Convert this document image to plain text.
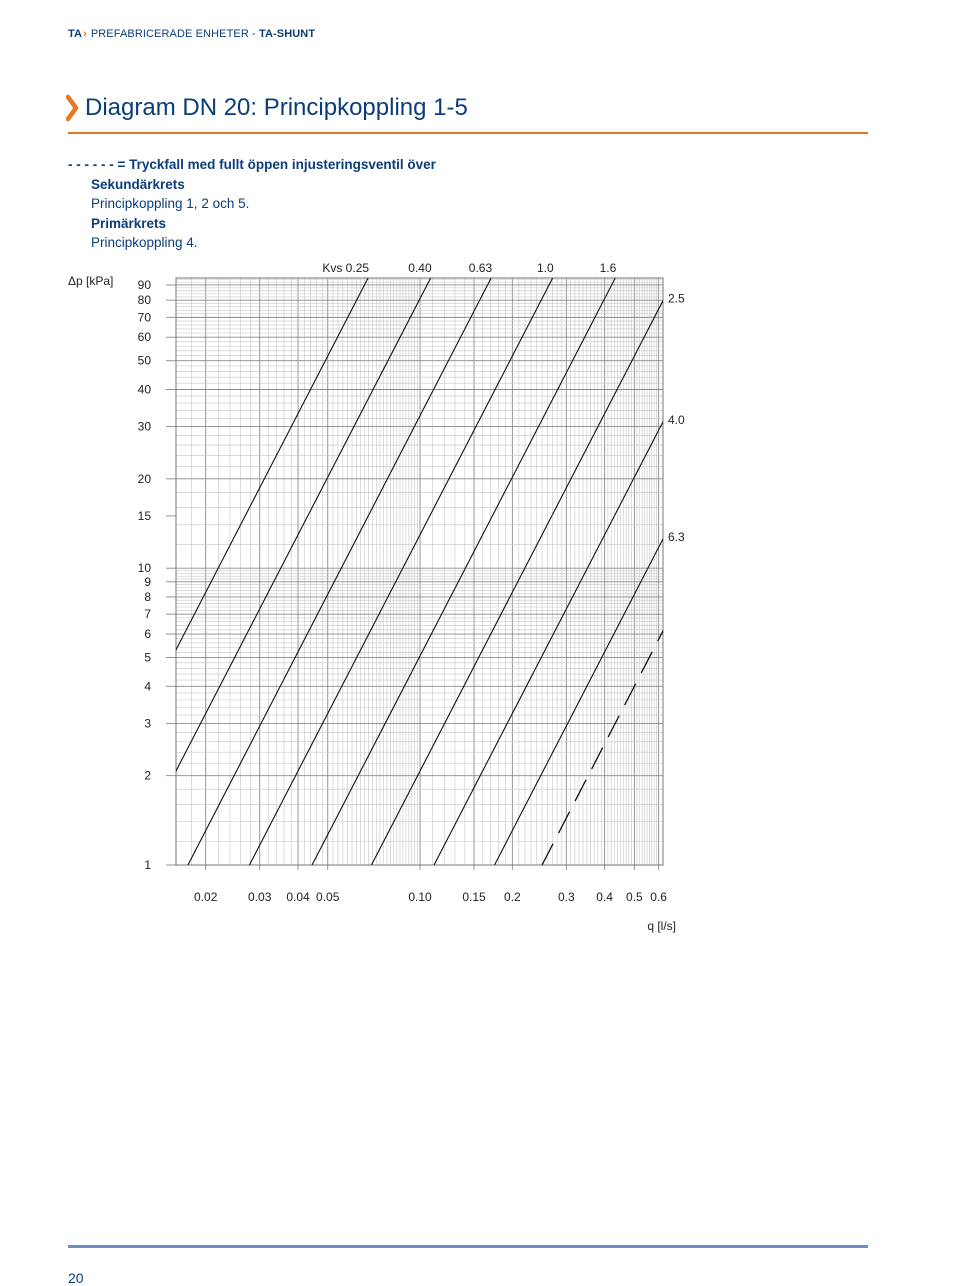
TA› PREFABRICERADE ENHETER - TA-SHUNT
Diagram DN 20: Principkoppling 1-5
- - - - - - = Tryckfall med fullt öppen injusteringsventil över
Sekundärkrets
Principkoppling 1, 2 och 5.
Primärkrets
Principkoppling 4.
1
2
3
4
5
6
7
8
9
10
15
20
30
40
50
60
70
80
90
0.02	0.03 0.04 0.05	0.10	0.15 0.2	0.3 0.4 0.5 0.6
Δp [kPa]
q [l/s]
Kvs 0.25	0.40	0.63	1.0	1.6
2.5
4.0
6.3
20
